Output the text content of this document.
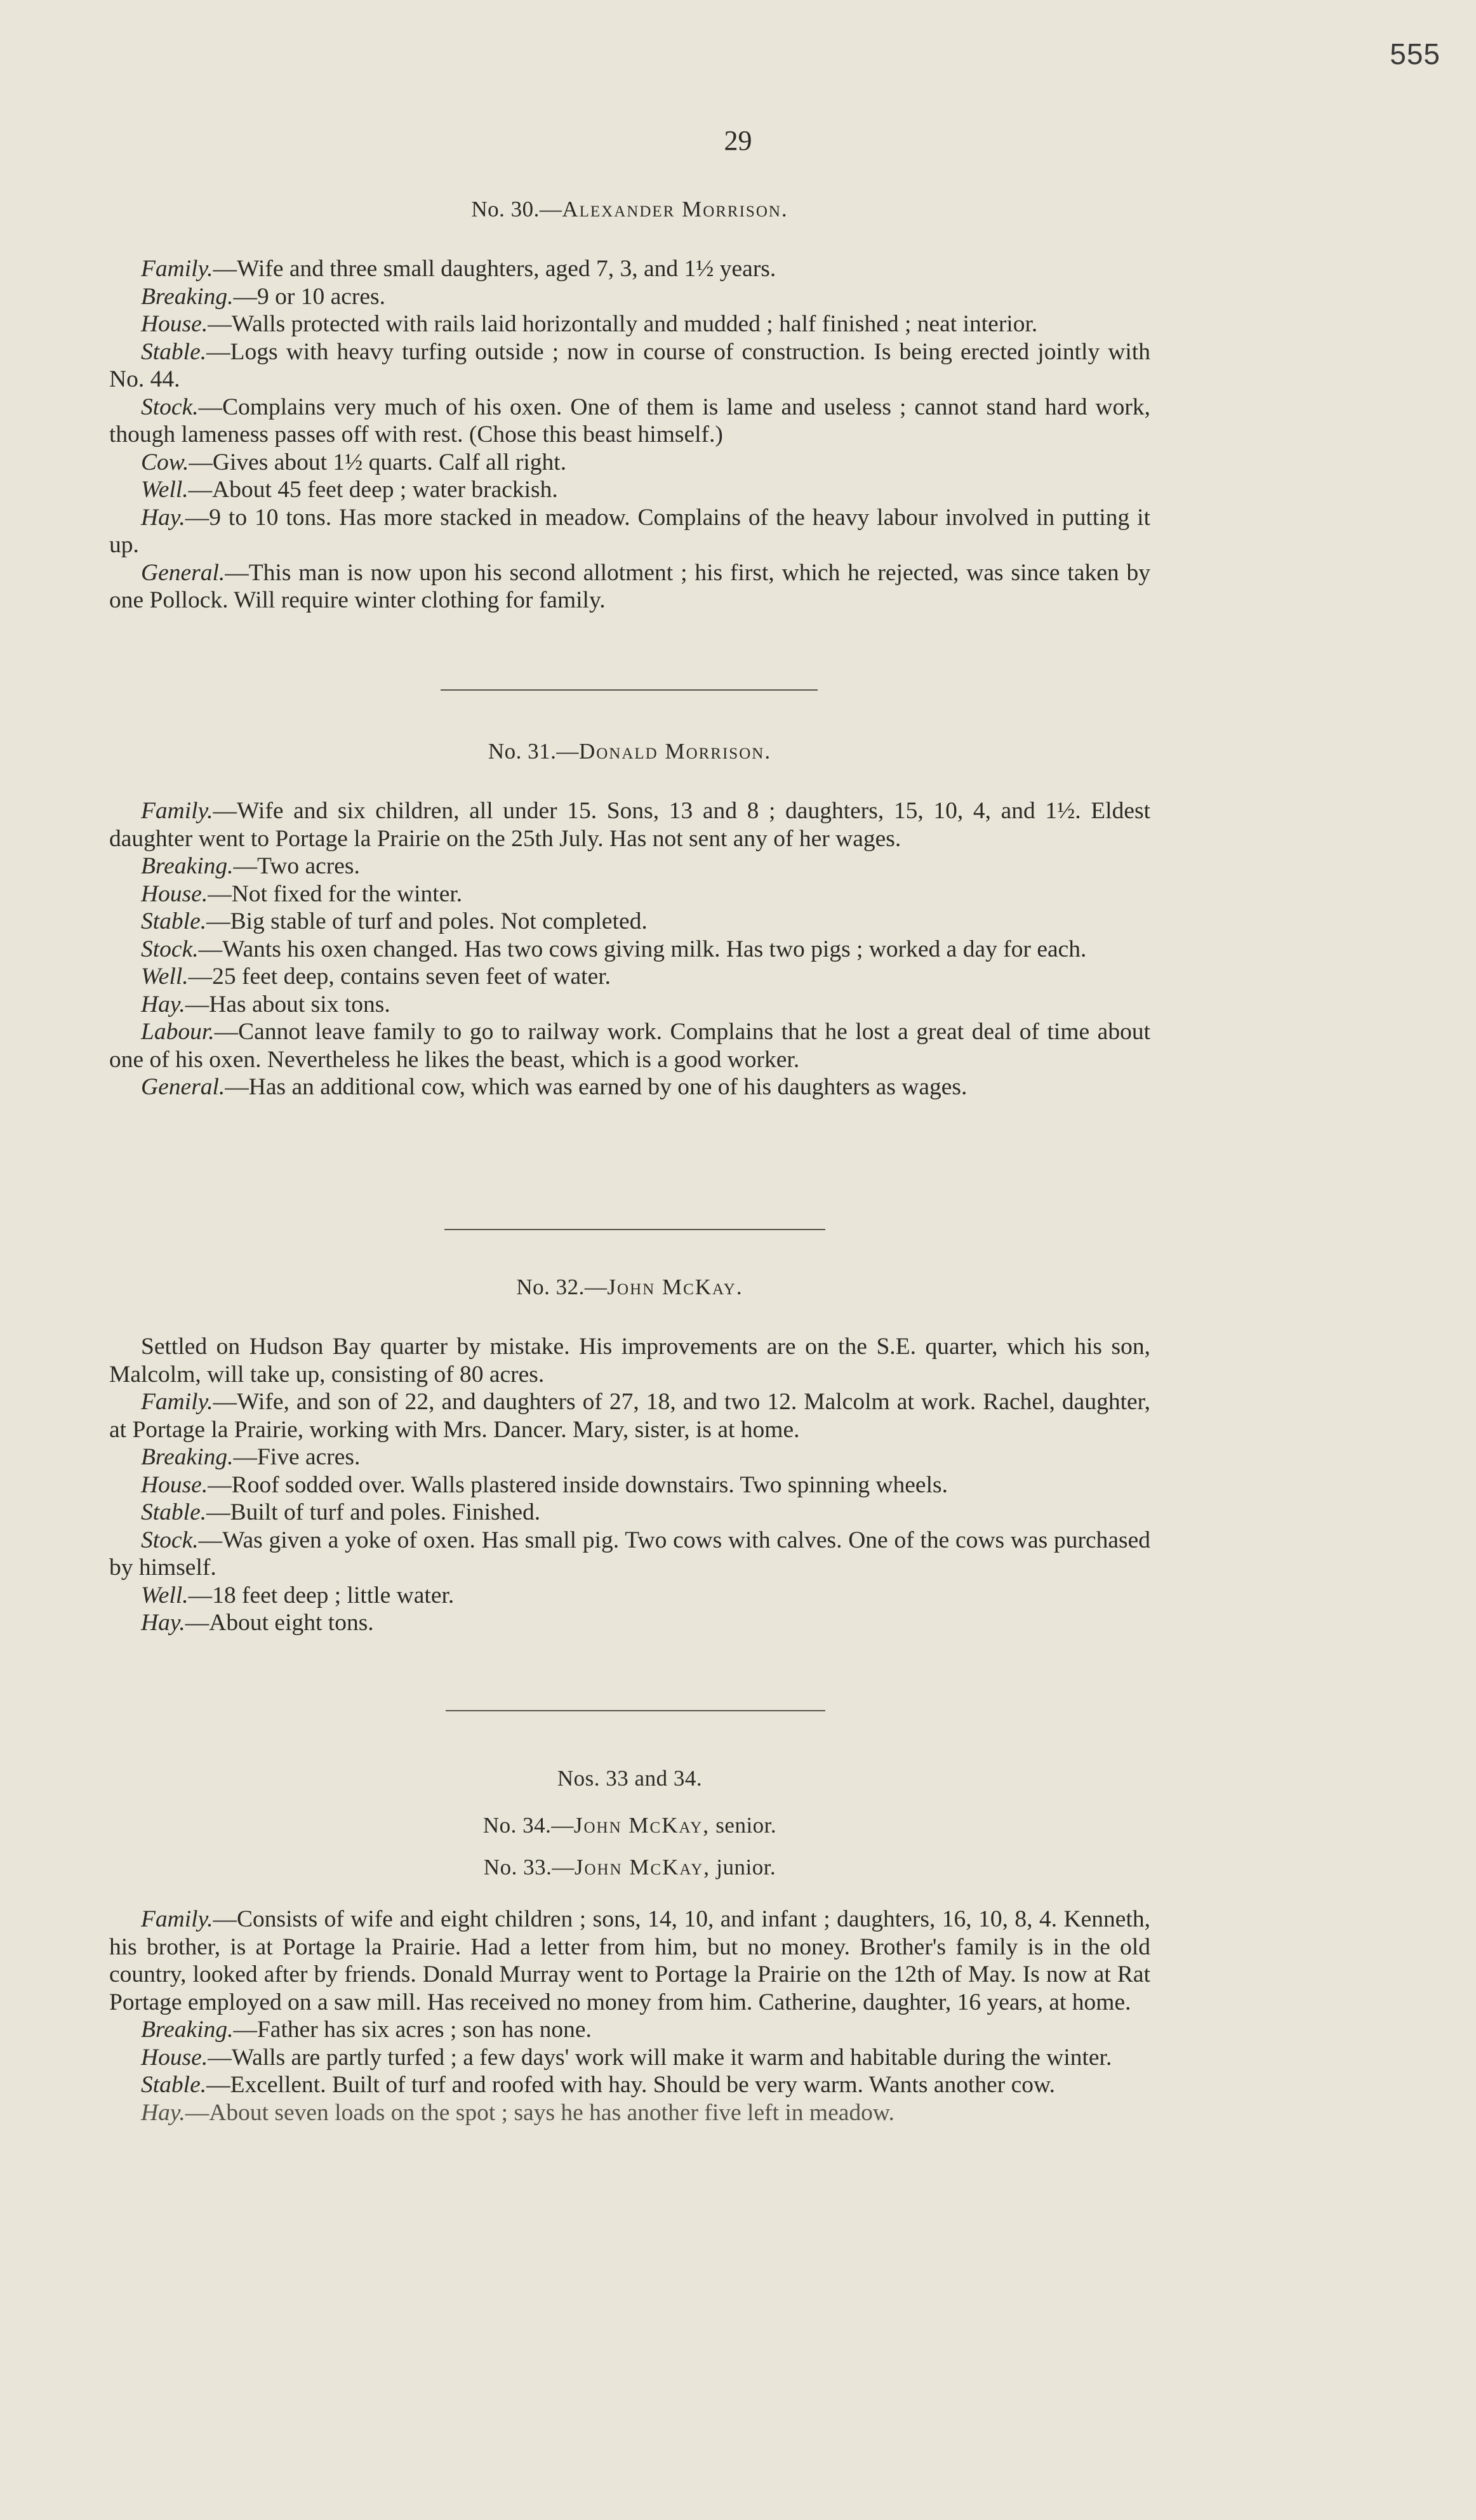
555
29

No. 30.—Alexander Morrison.

Family.—Wife and three small daughters, aged 7, 3, and 1½ years.

Breaking.—9 or 10 acres.

House.—Walls protected with rails laid horizontally and mudded ; half finished ; neat interior.

Stable.—Logs with heavy turfing outside ; now in course of construction. Is being erected jointly with No. 44.

Stock.—Complains very much of his oxen. One of them is lame and useless ; cannot stand hard work, though lameness passes off with rest. (Chose this beast himself.)

Cow.—Gives about 1½ quarts. Calf all right.

Well.—About 45 feet deep ; water brackish.

Hay.—9 to 10 tons. Has more stacked in meadow. Complains of the heavy labour involved in putting it up.

General.—This man is now upon his second allotment ; his first, which he rejected, was since taken by one Pollock. Will require winter clothing for family.

No. 31.—Donald Morrison.

Family.—Wife and six children, all under 15. Sons, 13 and 8 ; daughters, 15, 10, 4, and 1½. Eldest daughter went to Portage la Prairie on the 25th July. Has not sent any of her wages.

Breaking.—Two acres.

House.—Not fixed for the winter.

Stable.—Big stable of turf and poles. Not completed.

Stock.—Wants his oxen changed. Has two cows giving milk. Has two pigs ; worked a day for each.

Well.—25 feet deep, contains seven feet of water.

Hay.—Has about six tons.

Labour.—Cannot leave family to go to railway work. Complains that he lost a great deal of time about one of his oxen. Nevertheless he likes the beast, which is a good worker.

General.—Has an additional cow, which was earned by one of his daughters as wages.

No. 32.—John McKay.

Settled on Hudson Bay quarter by mistake. His improvements are on the S.E. quarter, which his son, Malcolm, will take up, consisting of 80 acres.

Family.—Wife, and son of 22, and daughters of 27, 18, and two 12. Malcolm at work. Rachel, daughter, at Portage la Prairie, working with Mrs. Dancer. Mary, sister, is at home.

Breaking.—Five acres.

House.—Roof sodded over. Walls plastered inside downstairs. Two spinning wheels.

Stable.—Built of turf and poles. Finished.

Stock.—Was given a yoke of oxen. Has small pig. Two cows with calves. One of the cows was purchased by himself.

Well.—18 feet deep ; little water.

Hay.—About eight tons.

Nos. 33 and 34.

No. 34.—John McKay, senior.

No. 33.—John McKay, junior.

Family.—Consists of wife and eight children ; sons, 14, 10, and infant ; daughters, 16, 10, 8, 4. Kenneth, his brother, is at Portage la Prairie. Had a letter from him, but no money. Brother's family is in the old country, looked after by friends. Donald Murray went to Portage la Prairie on the 12th of May. Is now at Rat Portage employed on a saw mill. Has received no money from him. Catherine, daughter, 16 years, at home.

Breaking.—Father has six acres ; son has none.

House.—Walls are partly turfed ; a few days' work will make it warm and habitable during the winter.

Stable.—Excellent. Built of turf and roofed with hay. Should be very warm. Wants another cow.

Hay.—About seven loads on the spot ; says he has another five left in meadow.
